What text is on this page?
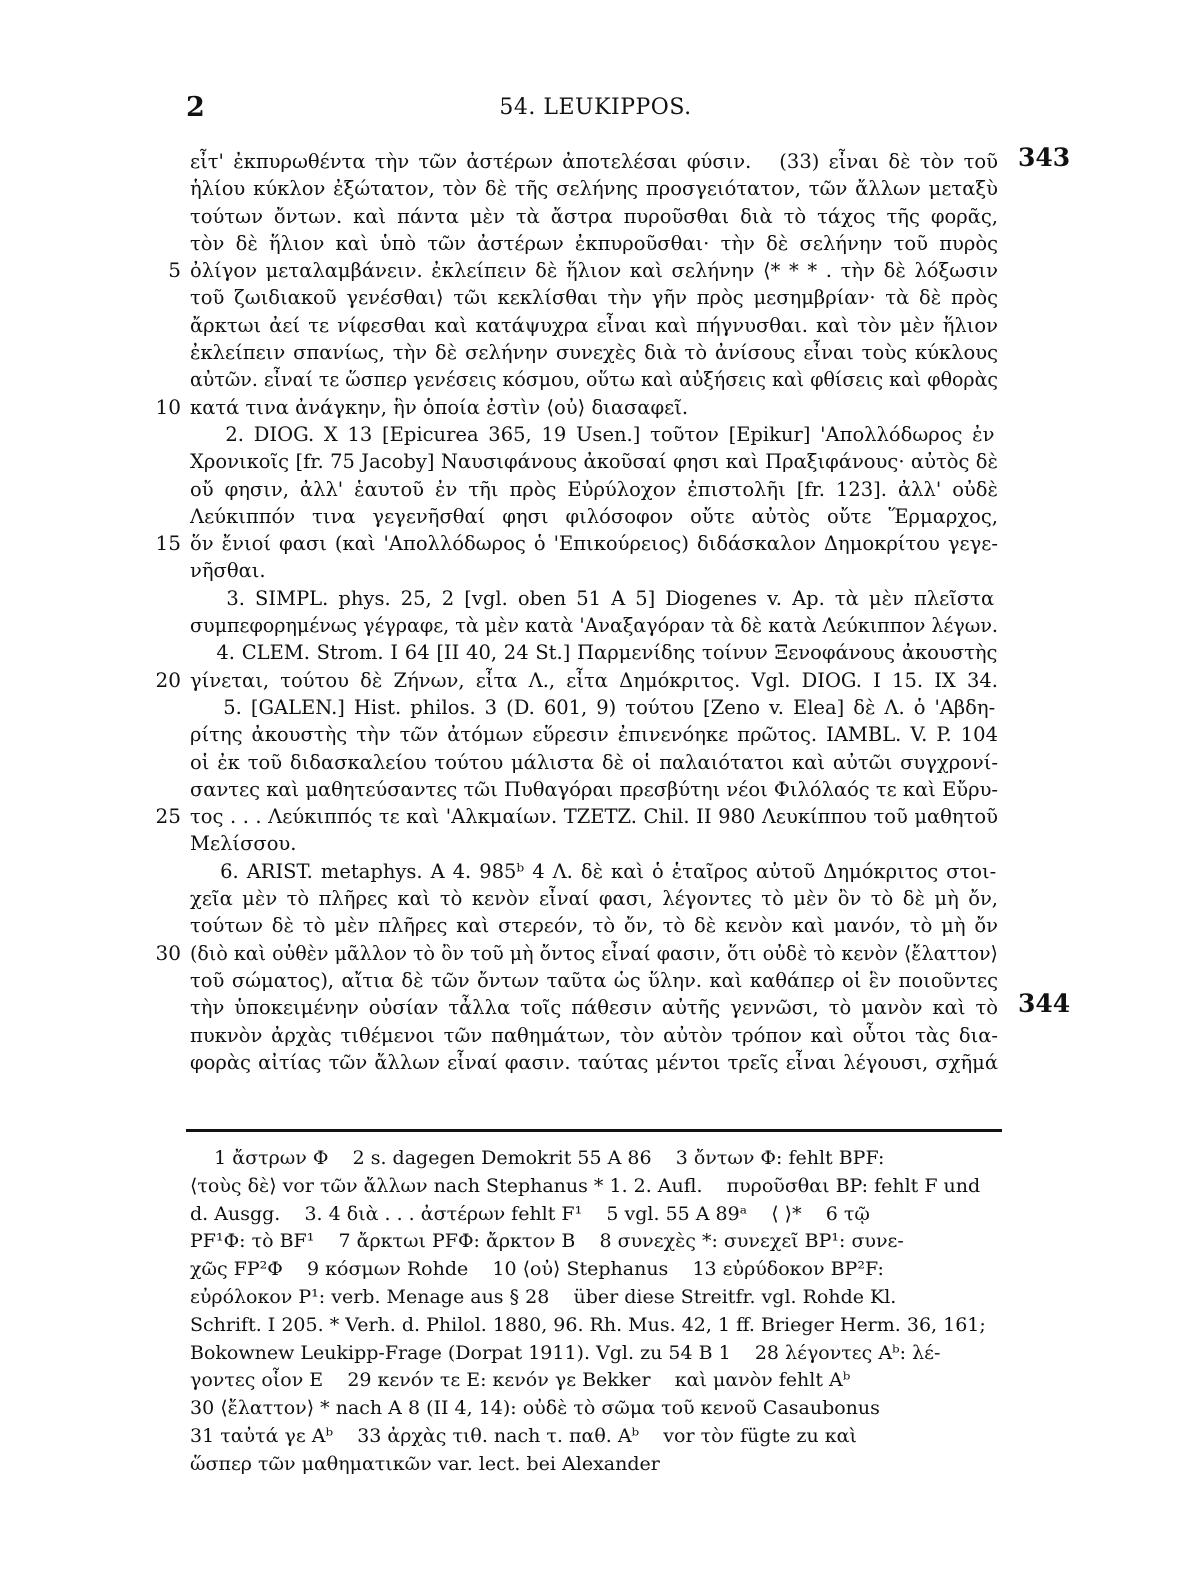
2	54. LEUKIPPOS.
εἶτ' ἐκπυρωθέντα τὴν τῶν ἀστέρων ἀποτελέσαι φύσιν.   (33) εἶναι δὲ τὸν τοῦ 343
ἡλίου κύκλον ἐξώτατον, τὸν δὲ τῆς σελήνης προσγειότατον, τῶν ἄλλων μεταξὺ
τούτων ὄντων. καὶ πάντα μὲν τὰ ἄστρα πυροῦσθαι διὰ τὸ τάχος τῆς φορᾶς,
τὸν δὲ ἥλιον καὶ ὑπὸ τῶν ἀστέρων ἐκπυροῦσθαι· τὴν δὲ σελήνην τοῦ πυρὸς
5 ὀλίγον μεταλαμβάνειν. ἐκλείπειν δὲ ἥλιον καὶ σελήνην ⟨* * * . τὴν δὲ λόξωσιν
τοῦ ζωιδιακοῦ γενέσθαι⟩ τῶι κεκλίσθαι τὴν γῆν πρὸς μεσημβρίαν· τὰ δὲ πρὸς
ἄρκτωι ἀεί τε νίφεσθαι καὶ κατάψυχρα εἶναι καὶ πήγνυσθαι. καὶ τὸν μὲν ἥλιον
ἐκλείπειν σπανίως, τὴν δὲ σελήνην συνεχὲς διὰ τὸ ἀνίσους εἶναι τοὺς κύκλους
αὐτῶν. εἶναί τε ὥσπερ γενέσεις κόσμου, οὕτω καὶ αὐξήσεις καὶ φθίσεις καὶ φθορὰς
10 κατά τινα ἀνάγκην, ἣν ὁποία ἐστὶν ⟨οὐ⟩ διασαφεῖ.
2. DIOG. X 13 [Epicurea 365, 19 Usen.] τοῦτον [Epikur] 'Απολλόδωρος ἐν
Χρονικοῖς [fr. 75 Jacoby] Ναυσιφάνους ἀκοῦσαί φησι καὶ Πραξιφάνους· αὐτὸς δὲ
οὔ φησιν, ἀλλ' ἑαυτοῦ ἐν τῆι πρὸς Εὐρύλοχον ἐπιστολῆι [fr. 123]. ἀλλ' οὐδὲ
Λεύκιππόν τινα γεγενῆσθαί φησι φιλόσοφον οὔτε αὐτὸς οὔτε Ἕρμαρχος,
15 ὅν ἔνιοί φασι (καὶ 'Απολλόδωρος ὁ 'Επικούρειος) διδάσκαλον Δημοκρίτου γεγε-
νῆσθαι.
3. SIMPL. phys. 25, 2 [vgl. oben 51 A 5] Diogenes v. Ap. τὰ μὲν πλεῖστα
συμπεφορημένως γέγραφε, τὰ μὲν κατὰ 'Αναξαγόραν τὰ δὲ κατὰ Λεύκιππον λέγων.
4. CLEM. Strom. I 64 [II 40, 24 St.] Παρμενίδης τοίνυν Ξενοφάνους ἀκουστὴς
20 γίνεται, τούτου δὲ Ζήνων, εἶτα Λ., εἶτα Δημόκριτος. Vgl. DIOG. I 15. IX 34.
5. [GALEN.] Hist. philos. 3 (D. 601, 9) τούτου [Zeno v. Elea] δὲ Λ. ὁ 'Αβδη-
ρίτης ἀκουστὴς τὴν τῶν ἀτόμων εὕρεσιν ἐπινενόηκε πρῶτος. IAMBL. V. P. 104
οἱ ἐκ τοῦ διδασκαλείου τούτου μάλιστα δὲ οἱ παλαιότατοι καὶ αὐτῶι συγχρονί-
σαντες καὶ μαθητεύσαντες τῶι Πυθαγόραι πρεσβύτηι νέοι Φιλόλαός τε καὶ Εὔρυ-
25 τος . . . Λεύκιππός τε καὶ 'Αλκμαίων. TZETZ. Chil. II 980 Λευκίππου τοῦ μαθητοῦ
Μελίσσου.
6. ARIST. metaphys. A 4. 985ᵇ 4 Λ. δὲ καὶ ὁ ἑταῖρος αὐτοῦ Δημόκριτος στοι-
χεῖα μὲν τὸ πλῆρες καὶ τὸ κενὸν εἶναί φασι, λέγοντες τὸ μὲν ὂν τὸ δὲ μὴ ὄν,
τούτων δὲ τὸ μὲν πλῆρες καὶ στερεόν, τὸ ὄν, τὸ δὲ κενὸν καὶ μανόν, τὸ μὴ ὄν
30 (διὸ καὶ οὐθὲν μᾶλλον τὸ ὂν τοῦ μὴ ὄντος εἶναί φασιν, ὅτι οὐδὲ τὸ κενὸν ⟨ἔλαττον⟩
τοῦ σώματος), αἴτια δὲ τῶν ὄντων ταῦτα ὡς ὕλην. καὶ καθάπερ οἱ ἓν ποιοῦντες
τὴν ὑποκειμένην οὐσίαν τἆλλα τοῖς πάθεσιν αὐτῆς γεννῶσι, τὸ μανὸν καὶ τὸ 344
πυκνὸν ἀρχὰς τιθέμενοι τῶν παθημάτων, τὸν αὐτὸν τρόπον καὶ οὗτοι τὰς δια-
φορὰς αἰτίας τῶν ἄλλων εἶναί φασιν. ταύτας μέντοι τρεῖς εἶναι λέγουσι, σχῆμά
1 ἄστρων Φ    2 s. dagegen Demokrit 55 A 86    3 ὄντων Φ: fehlt BPF:
⟨τοὺς δὲ⟩ vor τῶν ἄλλων nach Stephanus * 1. 2. Aufl.    πυροῦσθαι BP: fehlt F und
d. Ausgg.    3. 4 διὰ . . . ἀστέρων fehlt F¹    5 vgl. 55 A 89ᵃ    ⟨ ⟩*    6 τῷ
PF¹Φ: τὸ BF¹    7 ἄρκτωι PFΦ: ἄρκτον B    8 συνεχὲς *: συνεχεῖ BP¹: συνε-
χῶς FP²Φ    9 κόσμων Rohde    10 ⟨οὐ⟩ Stephanus    13 εὐρύδοκον BP²F:
εὐρόλοκον P¹: verb. Menage aus § 28    über diese Streitfr. vgl. Rohde Kl.
Schrift. I 205. * Verh. d. Philol. 1880, 96. Rh. Mus. 42, 1 ff. Brieger Herm. 36, 161;
Bokownew Leukipp-Frage (Dorpat 1911). Vgl. zu 54 B 1    28 λέγοντες Aᵇ: λέ-
γοντες οἷον E    29 κενόν τε E: κενόν γε Bekker    καὶ μανὸν fehlt Aᵇ
30 ⟨ἔλαττον⟩ * nach A 8 (II 4, 14): οὐδὲ τὸ σῶμα τοῦ κενοῦ Casaubonus
31 ταὐτά γε Aᵇ    33 ἀρχὰς τιθ. nach τ. παθ. Aᵇ    vor τὸν fügte zu καὶ
ὥσπερ τῶν μαθηματικῶν var. lect. bei Alexander
